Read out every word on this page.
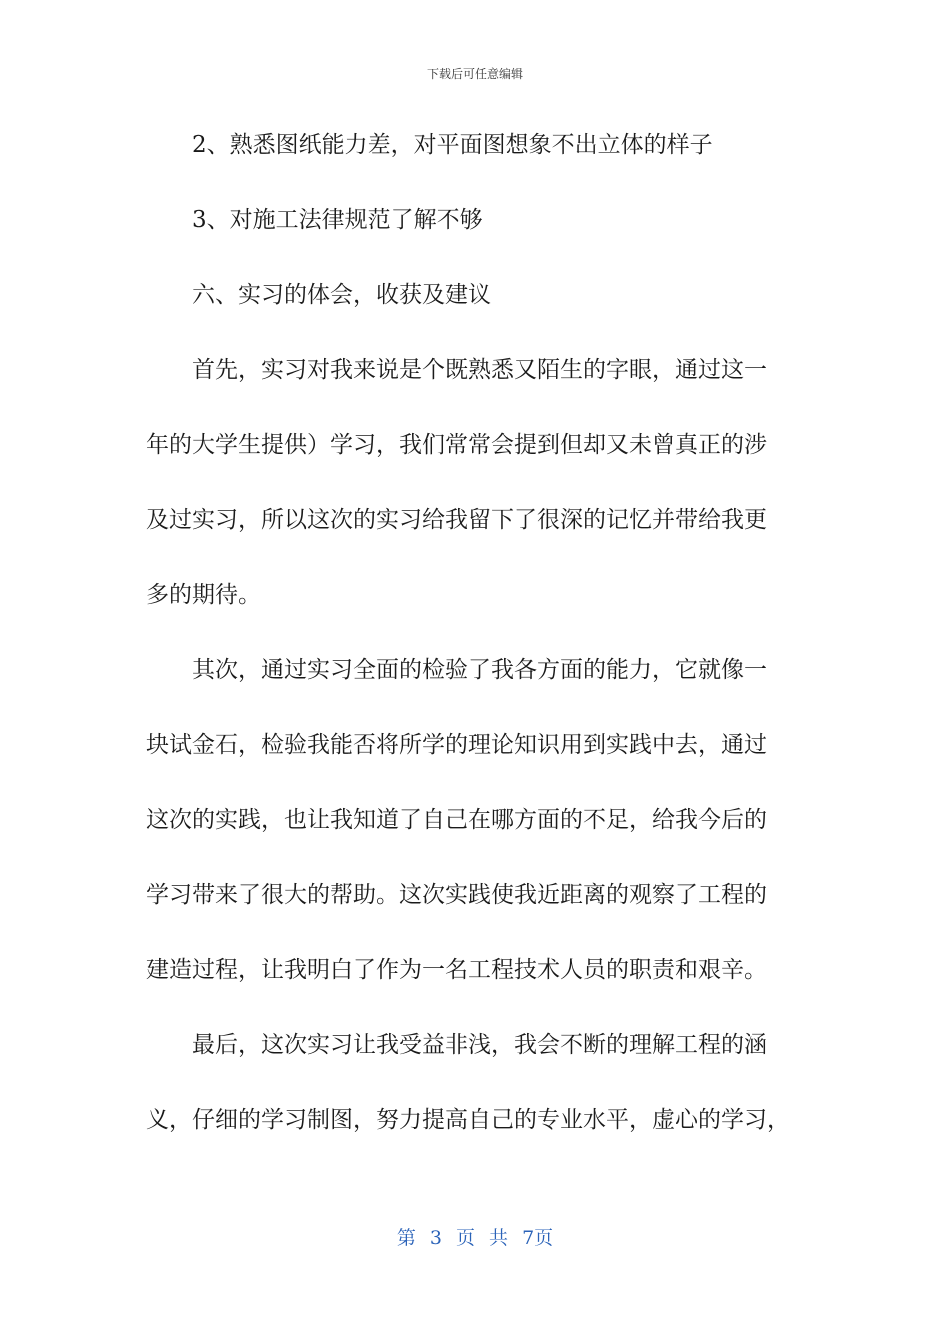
下载后可任意编辑
2、熟悉图纸能力差，对平面图想象不出立体的样子
3、对施工法律规范了解不够
六、实习的体会，收获及建议
首先，实习对我来说是个既熟悉又陌生的字眼，通过这一
年的大学生提供）学习，我们常常会提到但却又未曾真正的涉
及过实习，所以这次的实习给我留下了很深的记忆并带给我更
多的期待。
其次，通过实习全面的检验了我各方面的能力，它就像一
块试金石，检验我能否将所学的理论知识用到实践中去，通过
这次的实践，也让我知道了自己在哪方面的不足，给我今后的
学习带来了很大的帮助。这次实践使我近距离的观察了工程的
建造过程，让我明白了作为一名工程技术人员的职责和艰辛。
最后，这次实习让我受益非浅，我会不断的理解工程的涵
义，仔细的学习制图，努力提高自己的专业水平，虚心的学习，
第 3 页 共 7页
